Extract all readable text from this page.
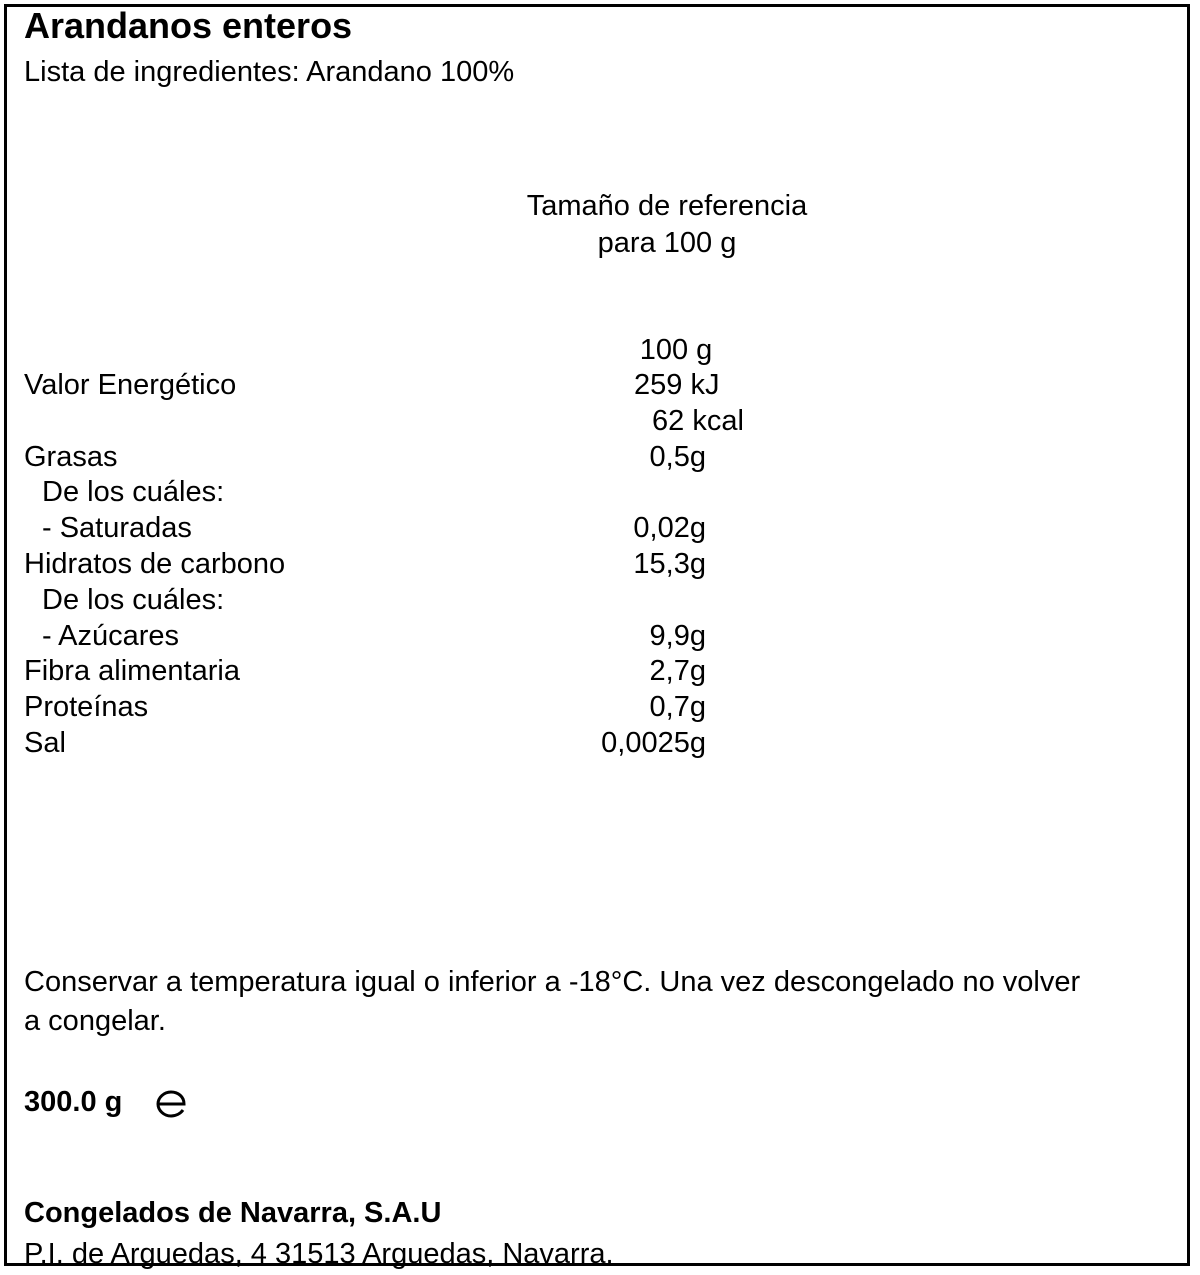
Arandanos enteros
Lista de ingredientes: Arandano 100%
Tamaño de referencia
para 100 g
100 g
Valor Energético	259 kJ
62 kcal
Grasas	0,5g
De los cuáles:
- Saturadas	0,02g
Hidratos de carbono	15,3g
De los cuáles:
- Azúcares	9,9g
Fibra alimentaria	2,7g
Proteínas	0,7g
Sal	0,0025g
Conservar a temperatura igual o inferior a -18°C. Una vez descongelado no volver
a congelar.
300.0 g
Congelados de Navarra, S.A.U
P.I. de Arguedas, 4 31513 Arguedas, Navarra.
